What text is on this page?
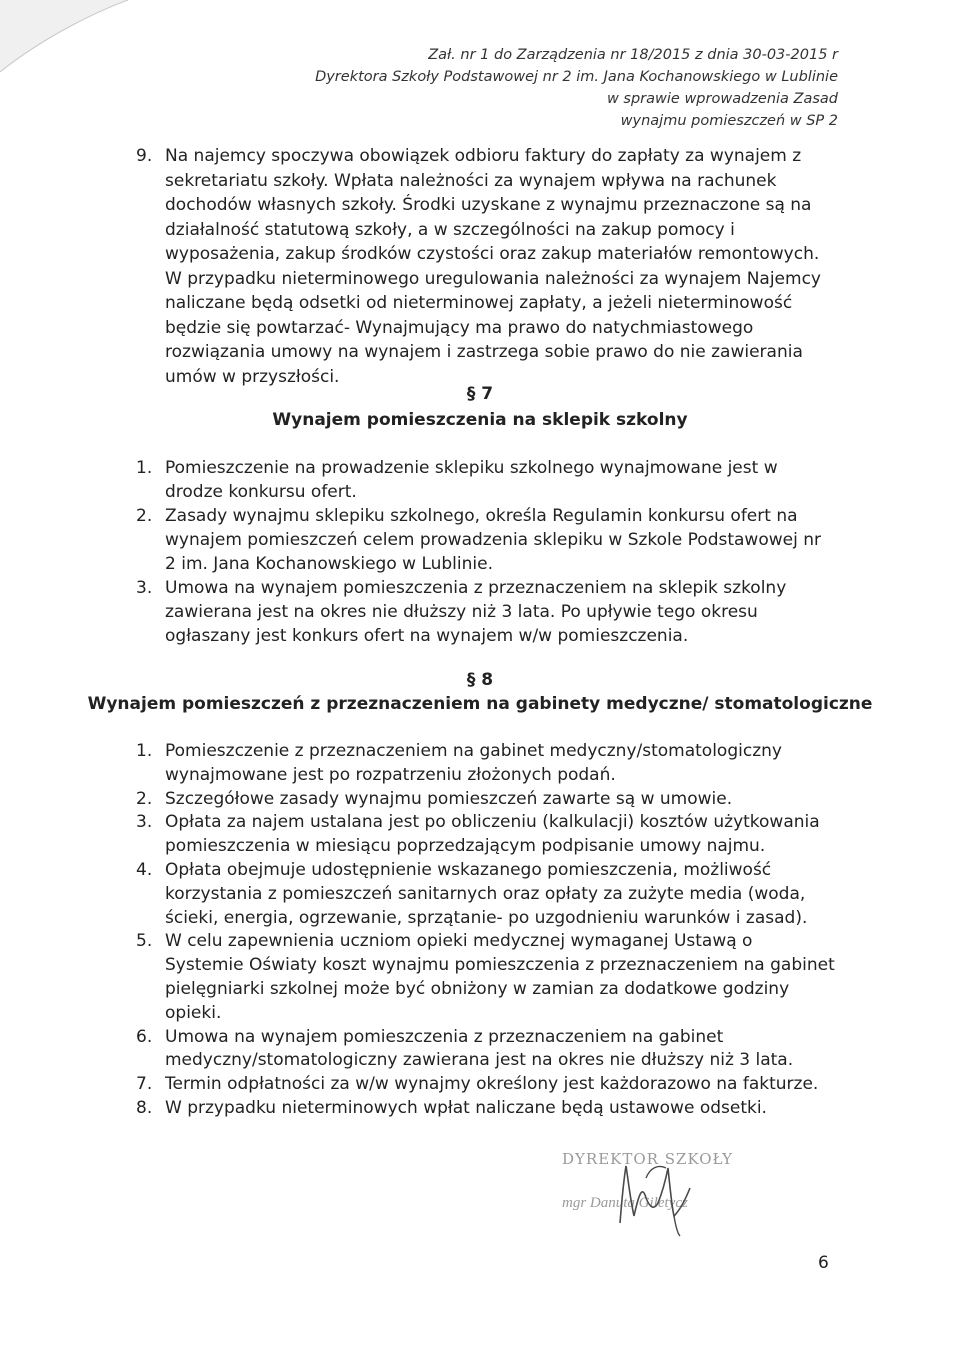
Zał. nr 1 do Zarządzenia nr 18/2015 z dnia 30-03-2015 r
Dyrektora Szkoły Podstawowej nr 2 im. Jana Kochanowskiego w Lublinie
w sprawie wprowadzenia Zasad
wynajmu pomieszczeń w SP 2
9. Na najemcy spoczywa obowiązek odbioru faktury do zapłaty za wynajem z sekretariatu szkoły. Wpłata należności za wynajem wpływa na rachunek dochodów własnych szkoły. Środki uzyskane z wynajmu przeznaczone są na działalność statutową szkoły, a w szczególności na zakup pomocy i wyposażenia, zakup środków czystości oraz zakup materiałów remontowych. W przypadku nieterminowego uregulowania należności za wynajem Najemcy naliczane będą odsetki od nieterminowej zapłaty, a jeżeli nieterminowość będzie się powtarzać- Wynajmujący ma prawo do natychmiastowego rozwiązania umowy na wynajem i zastrzega sobie prawo do nie zawierania umów w przyszłości.
§ 7
Wynajem pomieszczenia na sklepik szkolny
1. Pomieszczenie na prowadzenie sklepiku szkolnego wynajmowane jest w drodze konkursu ofert.
2. Zasady wynajmu sklepiku szkolnego, określa Regulamin konkursu ofert na wynajem pomieszczeń celem prowadzenia sklepiku w Szkole Podstawowej nr 2 im. Jana Kochanowskiego w Lublinie.
3. Umowa na wynajem pomieszczenia z przeznaczeniem na sklepik szkolny zawierana jest na okres nie dłuższy niż 3 lata. Po upływie tego okresu ogłaszany jest konkurs ofert na wynajem w/w pomieszczenia.
§ 8
Wynajem pomieszczeń z przeznaczeniem na gabinety medyczne/ stomatologiczne
1. Pomieszczenie z przeznaczeniem na gabinet medyczny/stomatologiczny wynajmowane jest po rozpatrzeniu złożonych podań.
2. Szczegółowe zasady wynajmu pomieszczeń zawarte są w umowie.
3. Opłata za najem ustalana jest po obliczeniu (kalkulacji) kosztów użytkowania pomieszczenia w miesiącu poprzedzającym podpisanie umowy najmu.
4. Opłata obejmuje udostępnienie wskazanego pomieszczenia, możliwość korzystania z pomieszczeń sanitarnych oraz opłaty za zużyte media (woda, ścieki, energia, ogrzewanie, sprzątanie- po uzgodnieniu warunków i zasad).
5. W celu zapewnienia uczniom opieki medycznej wymaganej Ustawą o Systemie Oświaty koszt wynajmu pomieszczenia z przeznaczeniem na gabinet pielęgniarki szkolnej może być obniżony w zamian za dodatkowe godziny opieki.
6. Umowa na wynajem pomieszczenia z przeznaczeniem na gabinet medyczny/stomatologiczny zawierana jest na okres nie dłuższy niż 3 lata.
7. Termin odpłatności za w/w wynajmy określony jest każdorazowo na fakturze.
8. W przypadku nieterminowych wpłat naliczane będą ustawowe odsetki.
DYREKTOR SZKOŁY
mgr Danuta Giletycz
6
